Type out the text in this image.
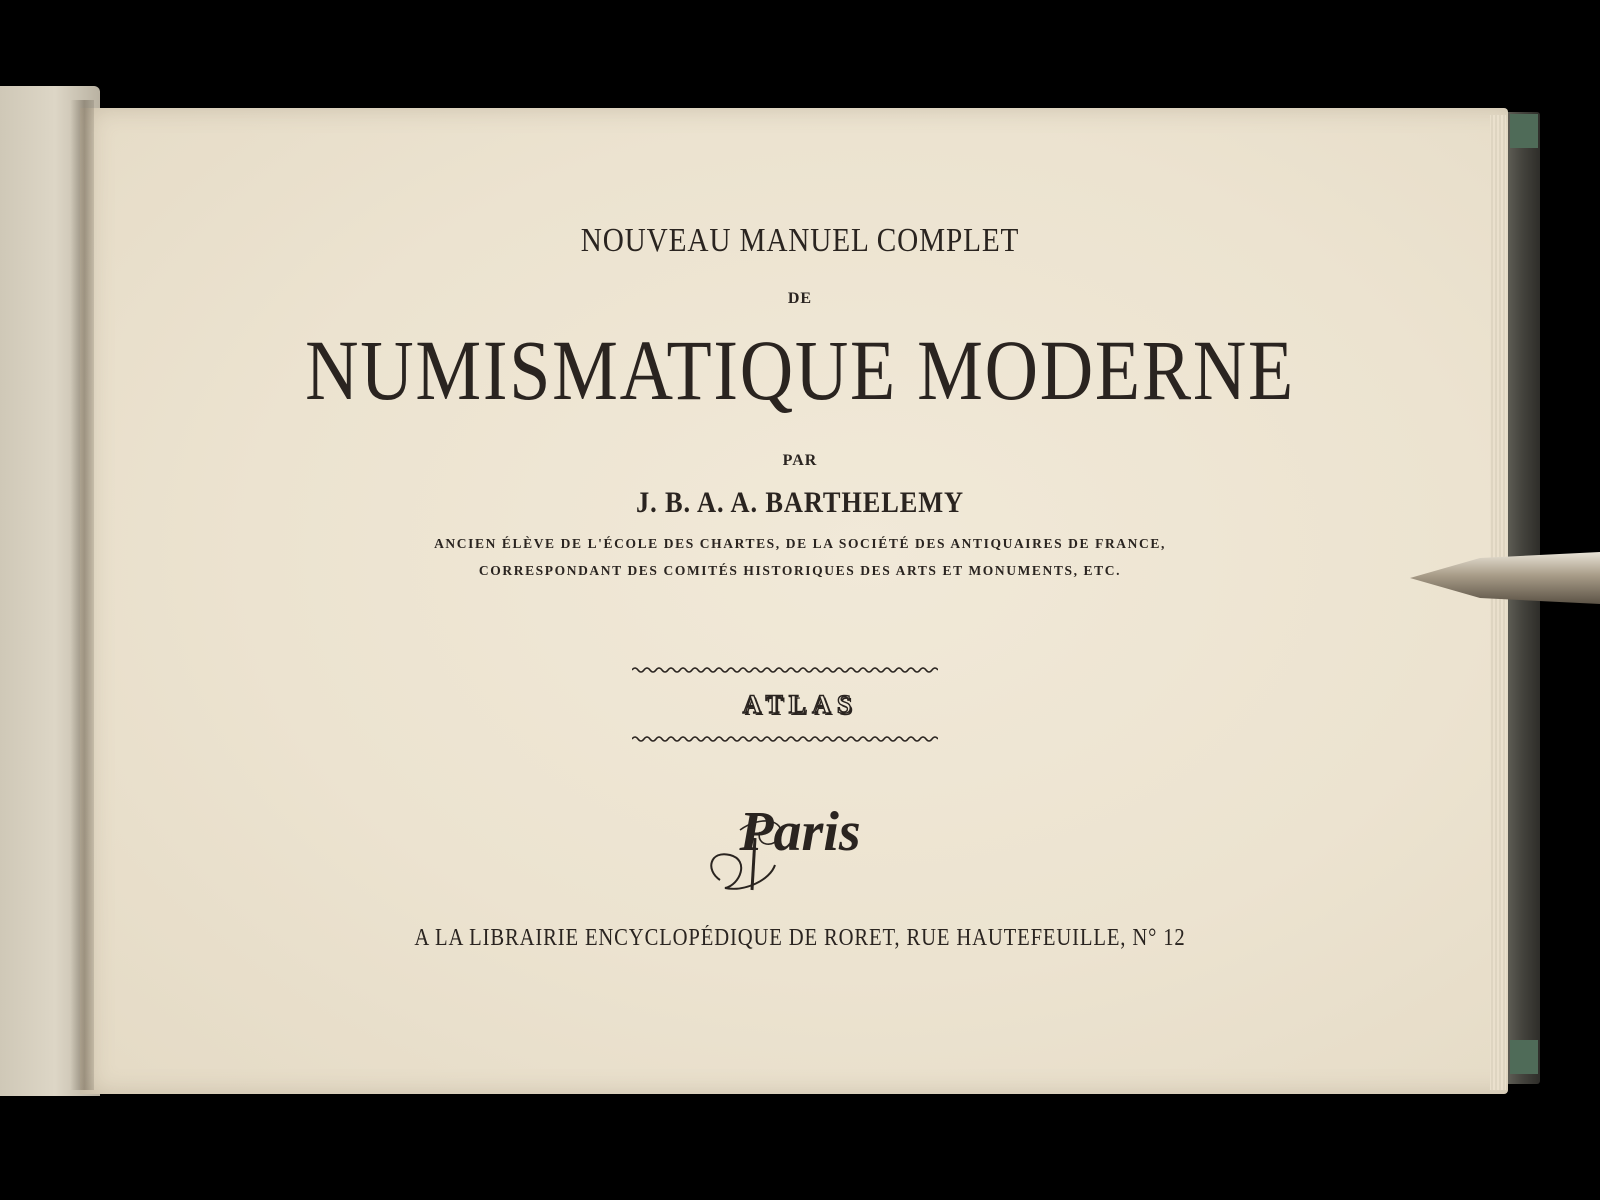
NOUVEAU MANUEL COMPLET
DE
NUMISMATIQUE MODERNE
PAR
J. B. A. A. BARTHELEMY
ANCIEN ÉLÈVE DE L'ÉCOLE DES CHARTES, DE LA SOCIÉTÉ DES ANTIQUAIRES DE FRANCE,
CORRESPONDANT DES COMITÉS HISTORIQUES DES ARTS ET MONUMENTS, ETC.
ATLAS
Paris
A LA LIBRAIRIE ENCYCLOPÉDIQUE DE RORET, RUE HAUTEFEUILLE, N° 12
